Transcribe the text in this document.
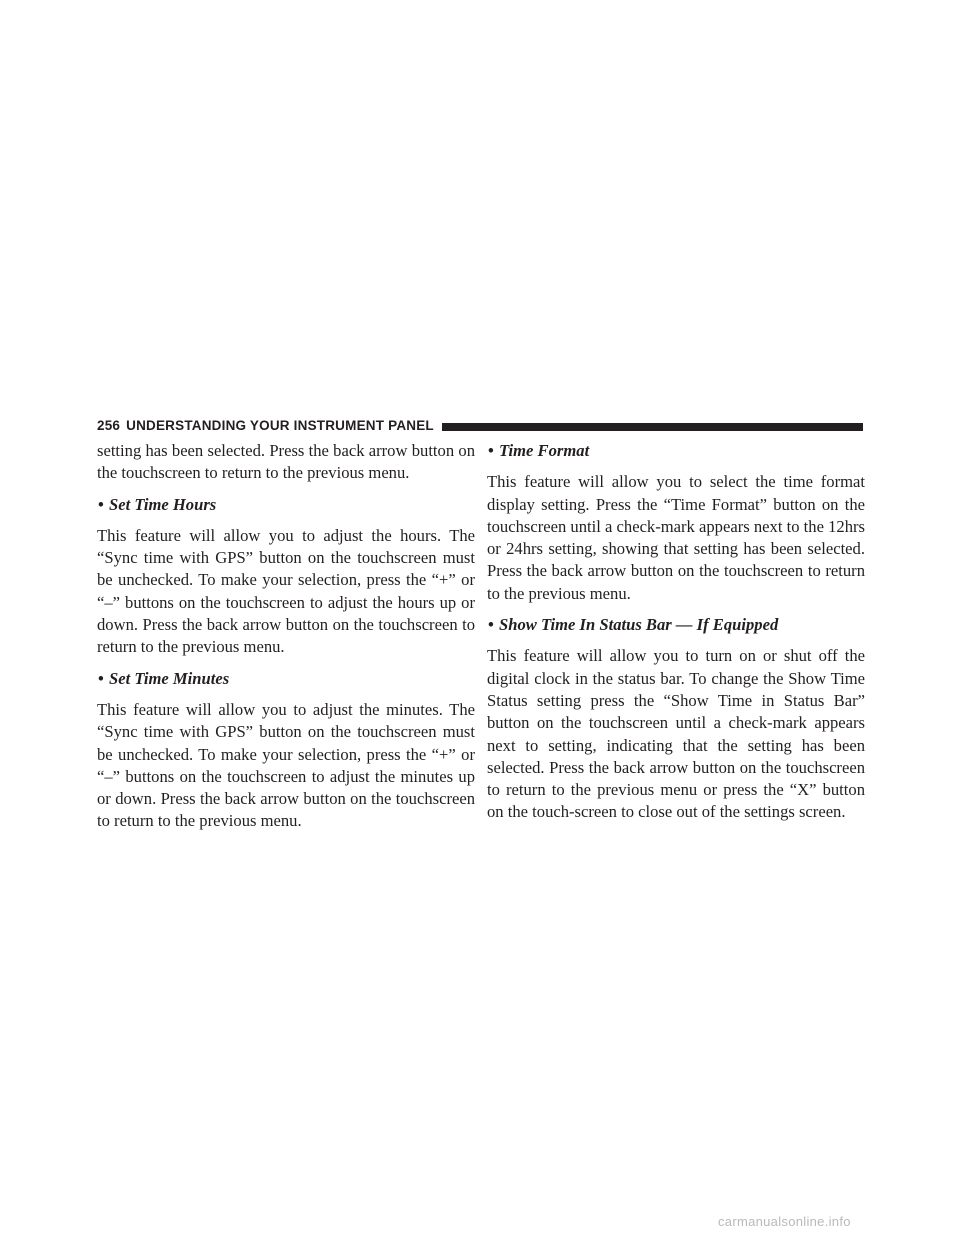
256 UNDERSTANDING YOUR INSTRUMENT PANEL

setting has been selected. Press the back arrow button on the touchscreen to return to the previous menu.

• Set Time Hours

This feature will allow you to adjust the hours. The “Sync time with GPS” button on the touchscreen must be unchecked. To make your selection, press the “+” or “–” buttons on the touchscreen to adjust the hours up or down. Press the back arrow button on the touchscreen to return to the previous menu.

• Set Time Minutes

This feature will allow you to adjust the minutes. The “Sync time with GPS” button on the touchscreen must be unchecked. To make your selection, press the “+” or “–” buttons on the touchscreen to adjust the minutes up or down. Press the back arrow button on the touchscreen to return to the previous menu.

• Time Format

This feature will allow you to select the time format display setting. Press the “Time Format” button on the touchscreen until a check-mark appears next to the 12hrs or 24hrs setting, showing that setting has been selected. Press the back arrow button on the touchscreen to return to the previous menu.

• Show Time In Status Bar — If Equipped

This feature will allow you to turn on or shut off the digital clock in the status bar. To change the Show Time Status setting press the “Show Time in Status Bar” button on the touchscreen until a check-mark appears next to setting, indicating that the setting has been selected. Press the back arrow button on the touchscreen to return to the previous menu or press the “X” button on the touch-screen to close out of the settings screen.

carmanualsonline.info
